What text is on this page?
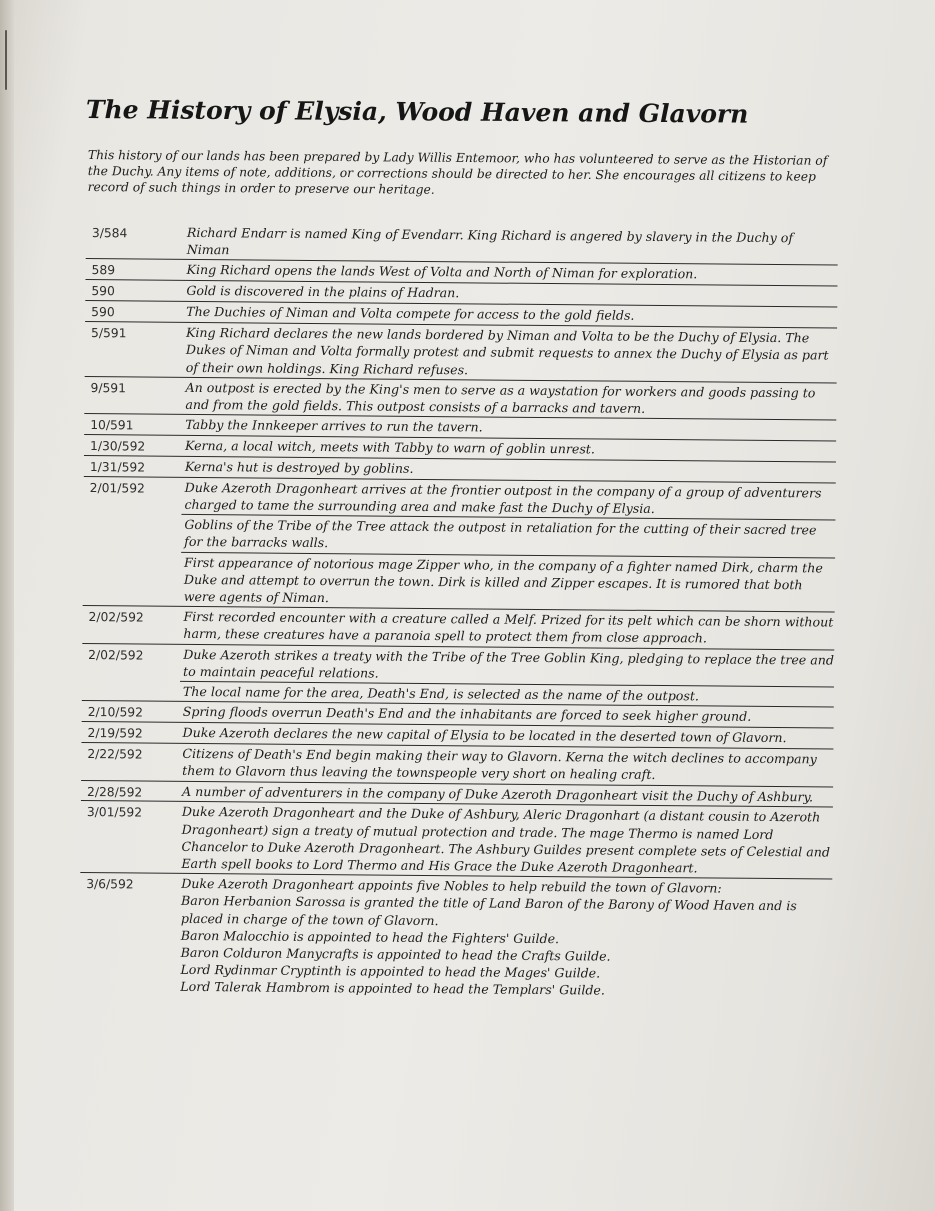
The History of Elysia, Wood Haven and Glavorn
This history of our lands has been prepared by Lady Willis Entemoor, who has volunteered to serve as the Historian of the Duchy. Any items of note, additions, or corrections should be directed to her. She encourages all citizens to keep record of such things in order to preserve our heritage.
3/584	Richard Endarr is named King of Evendarr. King Richard is angered by slavery in the Duchy of Niman
589	King Richard opens the lands West of Volta and North of Niman for exploration.
590	Gold is discovered in the plains of Hadran.
590	The Duchies of Niman and Volta compete for access to the gold fields.
5/591	King Richard declares the new lands bordered by Niman and Volta to be the Duchy of Elysia. The Dukes of Niman and Volta formally protest and submit requests to annex the Duchy of Elysia as part of their own holdings. King Richard refuses.
9/591	An outpost is erected by the King's men to serve as a waystation for workers and goods passing to and from the gold fields. This outpost consists of a barracks and tavern.
10/591	Tabby the Innkeeper arrives to run the tavern.
1/30/592	Kerna, a local witch, meets with Tabby to warn of goblin unrest.
1/31/592	Kerna's hut is destroyed by goblins.
2/01/592	Duke Azeroth Dragonheart arrives at the frontier outpost in the company of a group of adventurers charged to tame the surrounding area and make fast the Duchy of Elysia.
Goblins of the Tribe of the Tree attack the outpost in retaliation for the cutting of their sacred tree for the barracks walls.
First appearance of notorious mage Zipper who, in the company of a fighter named Dirk, charm the Duke and attempt to overrun the town. Dirk is killed and Zipper escapes. It is rumored that both were agents of Niman.
2/02/592	First recorded encounter with a creature called a Melf. Prized for its pelt which can be shorn without harm, these creatures have a paranoia spell to protect them from close approach.
2/02/592	Duke Azeroth strikes a treaty with the Tribe of the Tree Goblin King, pledging to replace the tree and to maintain peaceful relations.
The local name for the area, Death's End, is selected as the name of the outpost.
2/10/592	Spring floods overrun Death's End and the inhabitants are forced to seek higher ground.
2/19/592	Duke Azeroth declares the new capital of Elysia to be located in the deserted town of Glavorn.
2/22/592	Citizens of Death's End begin making their way to Glavorn. Kerna the witch declines to accompany them to Glavorn thus leaving the townspeople very short on healing craft.
2/28/592	A number of adventurers in the company of Duke Azeroth Dragonheart visit the Duchy of Ashbury.
3/01/592	Duke Azeroth Dragonheart and the Duke of Ashbury, Aleric Dragonhart (a distant cousin to Azeroth Dragonheart) sign a treaty of mutual protection and trade. The mage Thermo is named Lord Chancelor to Duke Azeroth Dragonheart. The Ashbury Guildes present complete sets of Celestial and Earth spell books to Lord Thermo and His Grace the Duke Azeroth Dragonheart.
3/6/592	Duke Azeroth Dragonheart appoints five Nobles to help rebuild the town of Glavorn:
Baron Herbanion Sarossa is granted the title of Land Baron of the Barony of Wood Haven and is placed in charge of the town of Glavorn.
Baron Malocchio is appointed to head the Fighters' Guilde.
Baron Colduron Manycrafts is appointed to head the Crafts Guilde.
Lord Rydinmar Cryptinth is appointed to head the Mages' Guilde.
Lord Talerak Hambrom is appointed to head the Templars' Guilde.
